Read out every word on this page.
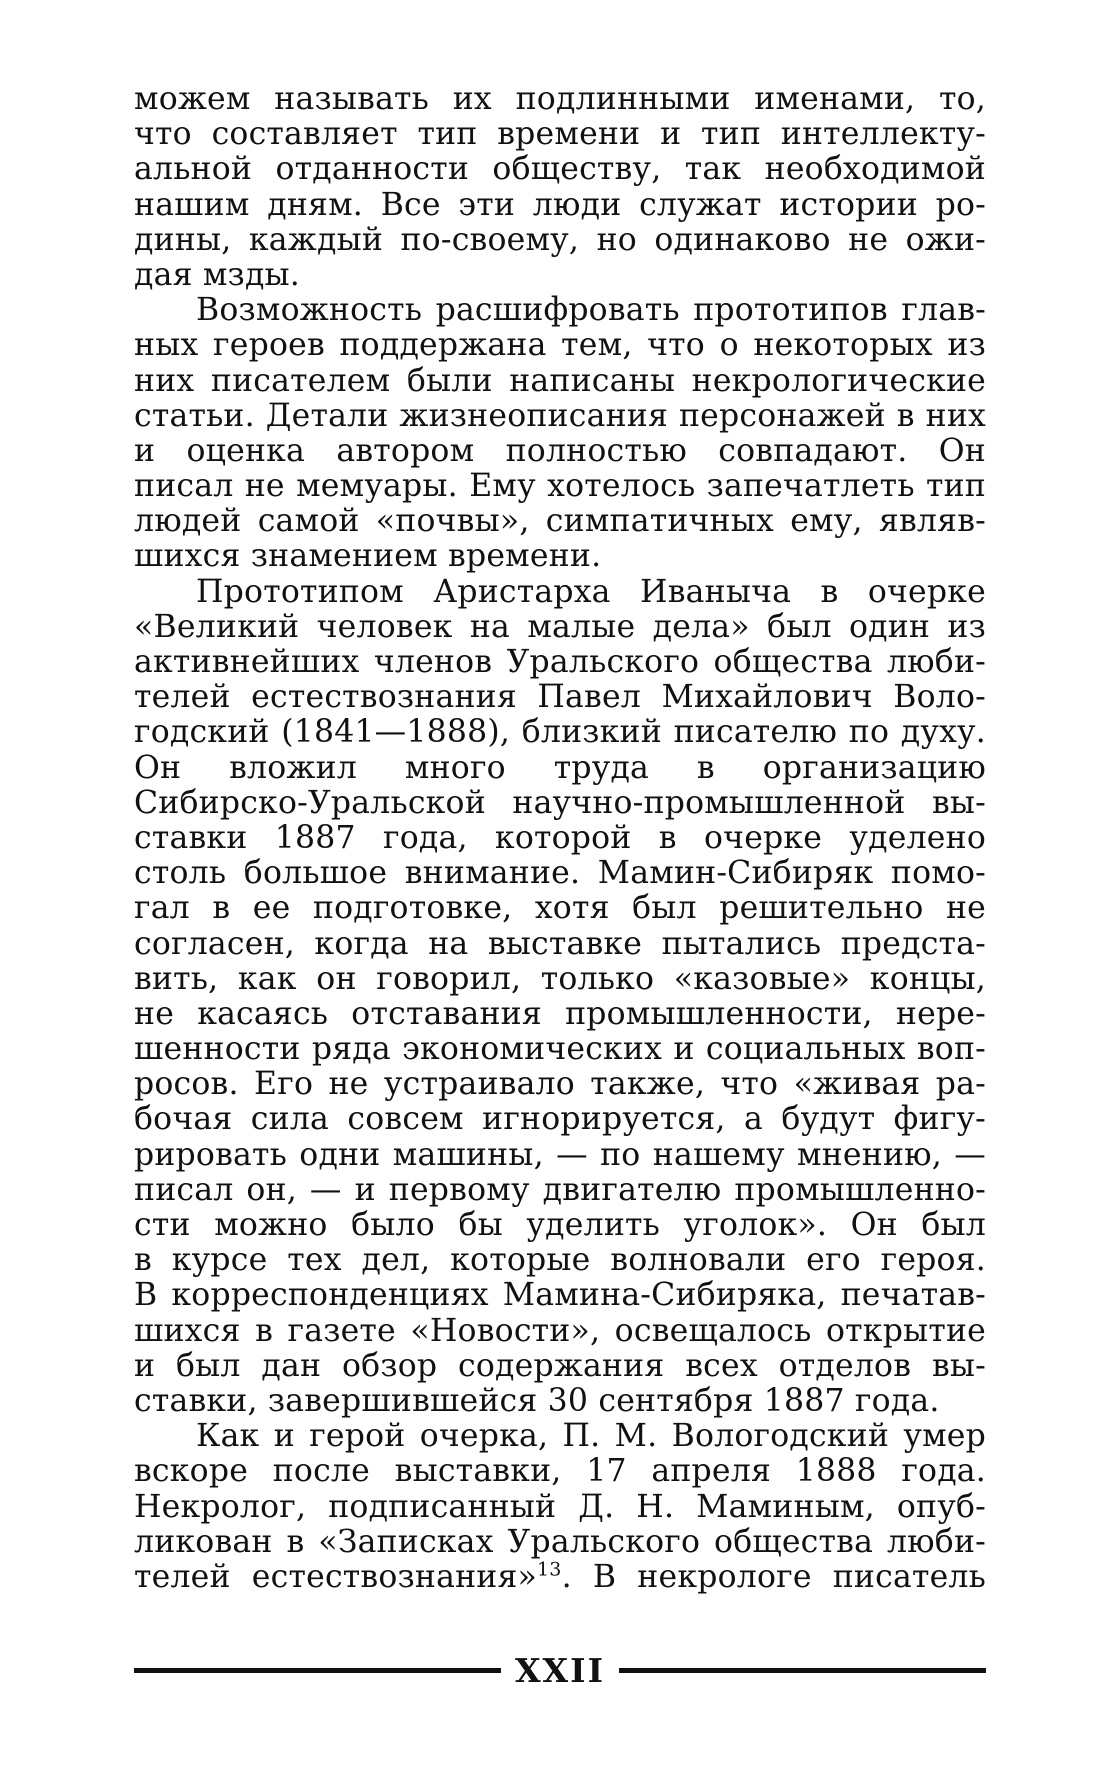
можем называть их подлинными именами, то,
что составляет тип времени и тип интеллекту-
альной отданности обществу, так необходимой
нашим дням. Все эти люди служат истории ро-
дины, каждый по-своему, но одинаково не ожи-
дая мзды.
Возможность расшифровать прототипов глав-
ных героев поддержана тем, что о некоторых из
них писателем были написаны некрологические
статьи. Детали жизнеописания персонажей в них
и оценка автором полностью совпадают. Он
писал не мемуары. Ему хотелось запечатлеть тип
людей самой «почвы», симпатичных ему, являв-
шихся знамением времени.
Прототипом Аристарха Иваныча в очерке
«Великий человек на малые дела» был один из
активнейших членов Уральского общества люби-
телей естествознания Павел Михайлович Воло-
годский (1841—1888), близкий писателю по духу.
Он вложил много труда в организацию
Сибирско-Уральской научно-промышленной вы-
ставки 1887 года, которой в очерке уделено
столь большое внимание. Мамин-Сибиряк помо-
гал в ее подготовке, хотя был решительно не
согласен, когда на выставке пытались предста-
вить, как он говорил, только «казовые» концы,
не касаясь отставания промышленности, нере-
шенности ряда экономических и социальных воп-
росов. Его не устраивало также, что «живая ра-
бочая сила совсем игнорируется, а будут фигу-
рировать одни машины, — по нашему мнению, —
писал он, — и первому двигателю промышленно-
сти можно было бы уделить уголок». Он был
в курсе тех дел, которые волновали его героя.
В корреспонденциях Мамина-Сибиряка, печатав-
шихся в газете «Новости», освещалось открытие
и был дан обзор содержания всех отделов вы-
ставки, завершившейся 30 сентября 1887 года.
Как и герой очерка, П. М. Вологодский умер
вскоре после выставки, 17 апреля 1888 года.
Некролог, подписанный Д. Н. Маминым, опуб-
ликован в «Записках Уральского общества люби-
телей естествознания»$^{13}$. В некрологе писатель
XXII
